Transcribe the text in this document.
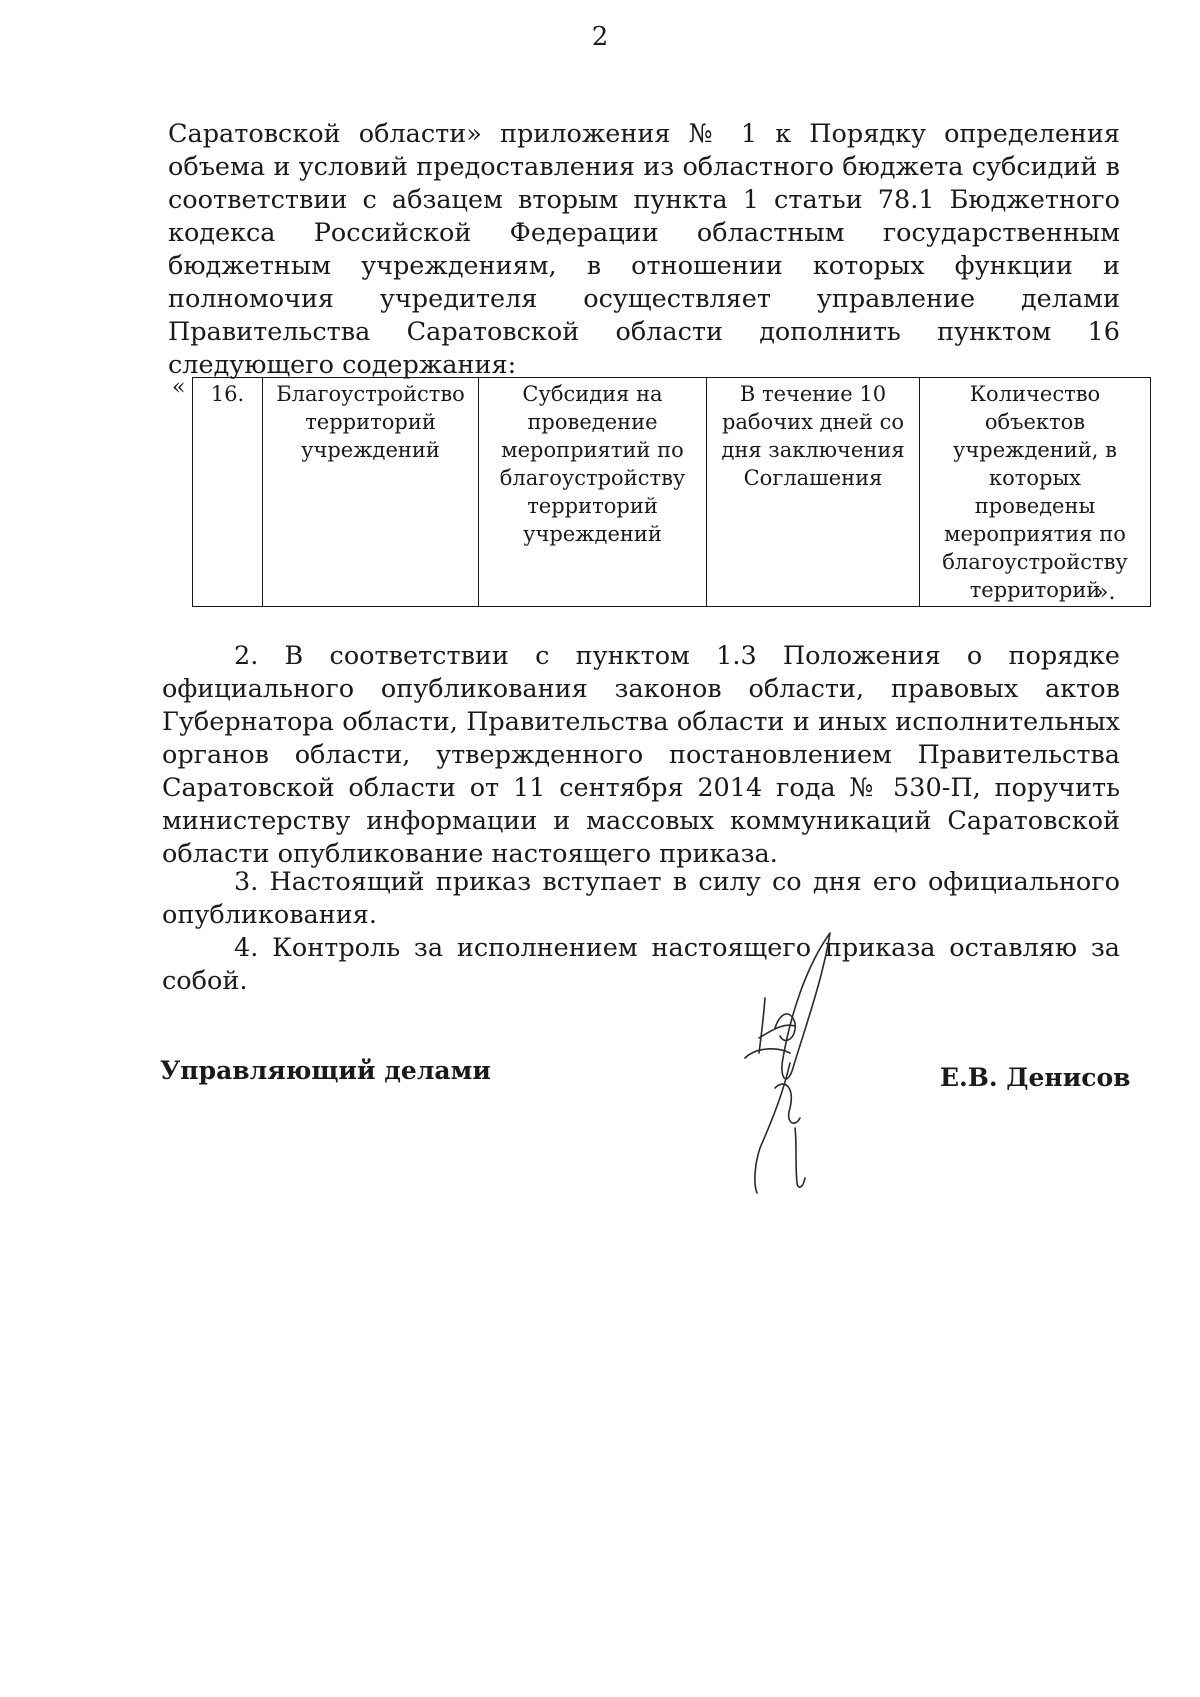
2

Саратовской области» приложения № 1 к Порядку определения объема и условий предоставления из областного бюджета субсидий в соответствии с абзацем вторым пункта 1 статьи 78.1 Бюджетного кодекса Российской Федерации областным государственным бюджетным учреждениям, в отношении которых функции и полномочия учредителя осуществляет управление делами Правительства Саратовской области дополнить пунктом 16 следующего содержания:

« 16.	Благоустройство территорий учреждений	Субсидия на проведение мероприятий по благоустройству территорий учреждений	В течение 10 рабочих дней со дня заключения Соглашения	Количество объектов учреждений, в которых проведены мероприятия по благоустройству территорий
».

2. В соответствии с пунктом 1.3 Положения о порядке официального опубликования законов области, правовых актов Губернатора области, Правительства области и иных исполнительных органов области, утвержденного постановлением Правительства Саратовской области от 11 сентября 2014 года № 530-П, поручить министерству информации и массовых коммуникаций Саратовской области опубликование настоящего приказа.

3. Настоящий приказ вступает в силу со дня его официального опубликования.

4. Контроль за исполнением настоящего приказа оставляю за собой.

Управляющий делами	Е.В. Денисов
